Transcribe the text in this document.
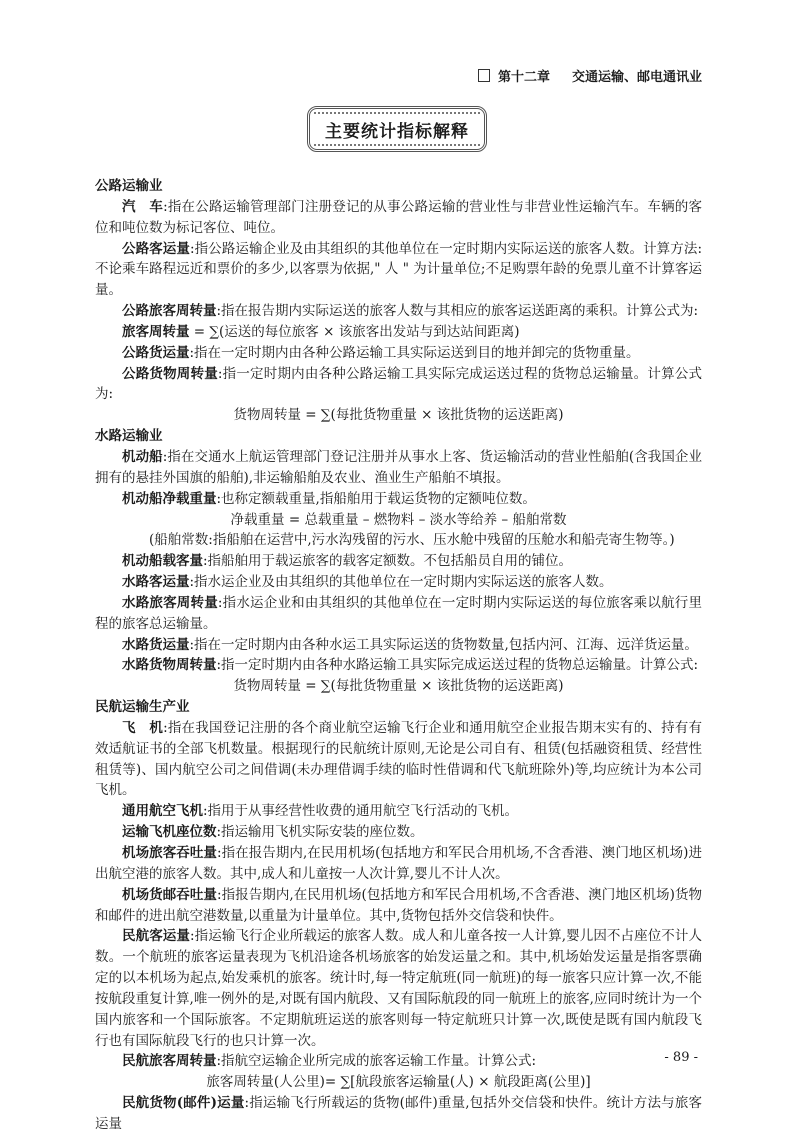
第十二章 交通运输、邮电通讯业
主要统计指标解释
公路运输业
汽　车:指在公路运输管理部门注册登记的从事公路运输的营业性与非营业性运输汽车。车辆的客位和吨位数为标记客位、吨位。
公路客运量:指公路运输企业及由其组织的其他单位在一定时期内实际运送的旅客人数。计算方法:不论乘车路程远近和票价的多少,以客票为依据," 人 " 为计量单位;不足购票年龄的免票儿童不计算客运量。
公路旅客周转量:指在报告期内实际运送的旅客人数与其相应的旅客运送距离的乘积。计算公式为:
旅客周转量 = ∑(运送的每位旅客 × 该旅客出发站与到达站间距离)
公路货运量:指在一定时期内由各种公路运输工具实际运送到目的地并卸完的货物重量。
公路货物周转量:指一定时期内由各种公路运输工具实际完成运送过程的货物总运输量。计算公式为:
货物周转量 = ∑(每批货物重量 × 该批货物的运送距离)
水路运输业
机动船:指在交通水上航运管理部门登记注册并从事水上客、货运输活动的营业性船舶(含我国企业拥有的悬挂外国旗的船舶),非运输船舶及农业、渔业生产船舶不填报。
机动船净载重量:也称定额载重量,指船舶用于载运货物的定额吨位数。
净载重量 = 总载重量 – 燃物料 – 淡水等给养 – 船舶常数
(船舶常数:指船舶在运营中,污水沟残留的污水、压水舱中残留的压舱水和船壳寄生物等。)
机动船载客量:指船舶用于载运旅客的载客定额数。不包括船员自用的铺位。
水路客运量:指水运企业及由其组织的其他单位在一定时期内实际运送的旅客人数。
水路旅客周转量:指水运企业和由其组织的其他单位在一定时期内实际运送的每位旅客乘以航行里程的旅客总运输量。
水路货运量:指在一定时期内由各种水运工具实际运送的货物数量,包括内河、江海、远洋货运量。
水路货物周转量:指一定时期内由各种水路运输工具实际完成运送过程的货物总运输量。计算公式:
货物周转量 = ∑(每批货物重量 × 该批货物的运送距离)
民航运输生产业
飞　机:指在我国登记注册的各个商业航空运输飞行企业和通用航空企业报告期末实有的、持有有效适航证书的全部飞机数量。根据现行的民航统计原则,无论是公司自有、租赁(包括融资租赁、经营性租赁等)、国内航空公司之间借调(未办理借调手续的临时性借调和代飞航班除外)等,均应统计为本公司飞机。
通用航空飞机:指用于从事经营性收费的通用航空飞行活动的飞机。
运输飞机座位数:指运输用飞机实际安装的座位数。
机场旅客吞吐量:指在报告期内,在民用机场(包括地方和军民合用机场,不含香港、澳门地区机场)进出航空港的旅客人数。其中,成人和儿童按一人次计算,婴儿不计人次。
机场货邮吞吐量:指报告期内,在民用机场(包括地方和军民合用机场,不含香港、澳门地区机场)货物和邮件的进出航空港数量,以重量为计量单位。其中,货物包括外交信袋和快件。
民航客运量:指运输飞行企业所载运的旅客人数。成人和儿童各按一人计算,婴儿因不占座位不计人数。一个航班的旅客运量表现为飞机沿途各机场旅客的始发运量之和。其中,机场始发运量是指客票确定的以本机场为起点,始发乘机的旅客。统计时,每一特定航班(同一航班)的每一旅客只应计算一次,不能按航段重复计算,唯一例外的是,对既有国内航段、又有国际航段的同一航班上的旅客,应同时统计为一个国内旅客和一个国际旅客。不定期航班运送的旅客则每一特定航班只计算一次,既使是既有国内航段飞行也有国际航段飞行的也只计算一次。
民航旅客周转量:指航空运输企业所完成的旅客运输工作量。计算公式:
旅客周转量(人公里)= ∑[航段旅客运输量(人) × 航段距离(公里)]
民航货物(邮件)运量:指运输飞行所载运的货物(邮件)重量,包括外交信袋和快件。统计方法与旅客运量
- 89 -
